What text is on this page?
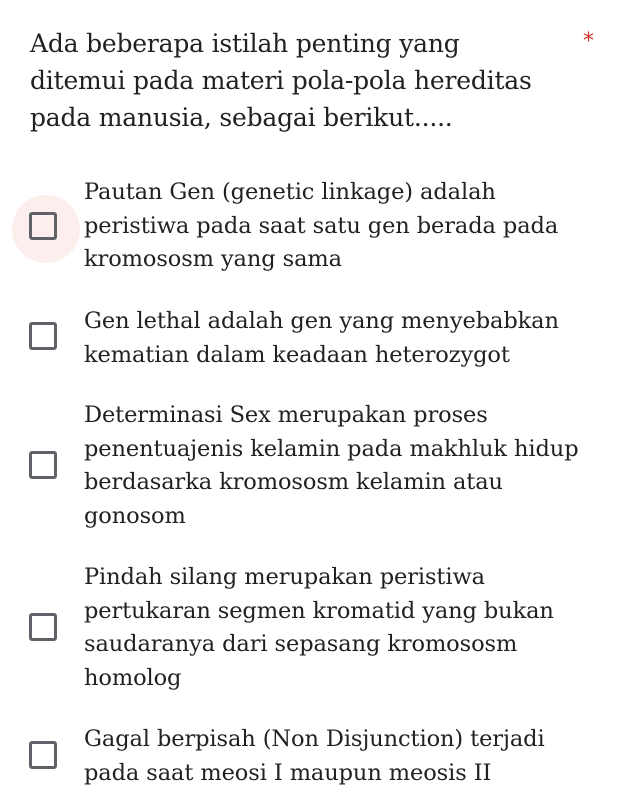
Ada beberapa istilah penting yang ditemui pada materi pola-pola hereditas pada manusia, sebagai berikut.....
*
Pautan Gen (genetic linkage) adalah peristiwa pada saat satu gen berada pada kromososm yang sama
Gen lethal adalah gen yang menyebabkan kematian dalam keadaan heterozygot
Determinasi Sex merupakan proses penentuajenis kelamin pada makhluk hidup berdasarka kromososm kelamin atau gonosom
Pindah silang merupakan peristiwa pertukaran segmen kromatid yang bukan saudaranya dari sepasang kromososm homolog
Gagal berpisah (Non Disjunction) terjadi pada saat meosi I maupun meosis II
